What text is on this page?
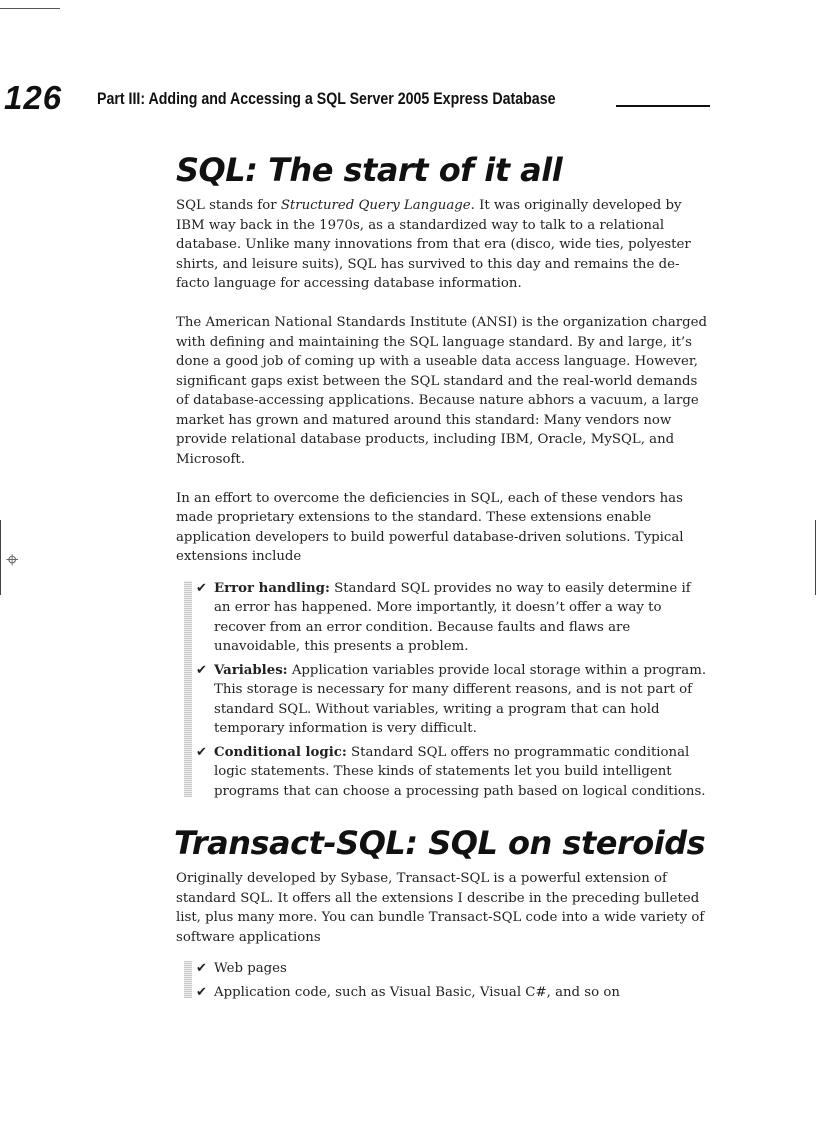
126 Part III: Adding and Accessing a SQL Server 2005 Express Database
⌖
SQL: The start of it all

SQL stands for Structured Query Language. It was originally developed by IBM way back in the 1970s, as a standardized way to talk to a relational database. Unlike many innovations from that era (disco, wide ties, polyester shirts, and leisure suits), SQL has survived to this day and remains the de-facto language for accessing database information.

The American National Standards Institute (ANSI) is the organization charged with defining and maintaining the SQL language standard. By and large, it’s done a good job of coming up with a useable data access language. However, significant gaps exist between the SQL standard and the real-world demands of database-accessing applications. Because nature abhors a vacuum, a large market has grown and matured around this standard: Many vendors now provide relational database products, including IBM, Oracle, MySQL, and Microsoft.

In an effort to overcome the deficiencies in SQL, each of these vendors has made proprietary extensions to the standard. These extensions enable application developers to build powerful database-driven solutions. Typical extensions include

✔ Error handling: Standard SQL provides no way to easily determine if an error has happened. More importantly, it doesn’t offer a way to recover from an error condition. Because faults and flaws are unavoidable, this presents a problem.
✔ Variables: Application variables provide local storage within a program. This storage is necessary for many different reasons, and is not part of standard SQL. Without variables, writing a program that can hold temporary information is very difficult.
✔ Conditional logic: Standard SQL offers no programmatic conditional logic statements. These kinds of statements let you build intelligent programs that can choose a processing path based on logical conditions.
Transact-SQL: SQL on steroids

Originally developed by Sybase, Transact-SQL is a powerful extension of standard SQL. It offers all the extensions I describe in the preceding bulleted list, plus many more. You can bundle Transact-SQL code into a wide variety of software applications

✔ Web pages
✔ Application code, such as Visual Basic, Visual C#, and so on
